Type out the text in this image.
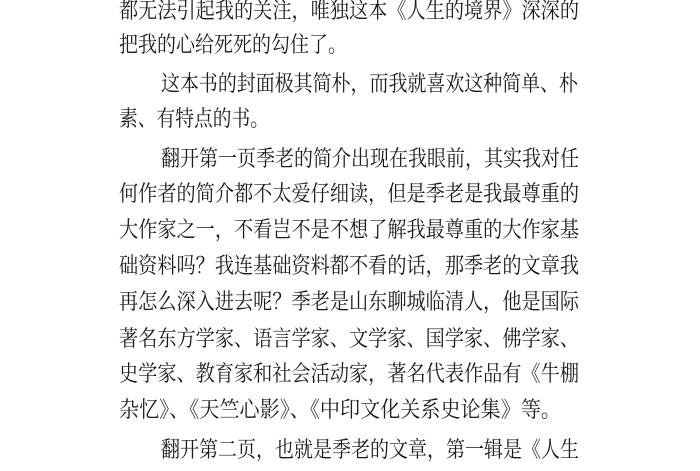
都无法引起我的关注，唯独这本《人生的境界》深深的
把我的心给死死的勾住了。
这本书的封面极其简朴，而我就喜欢这种简单、朴
素、有特点的书。
翻开第一页季老的简介出现在我眼前，其实我对任
何作者的简介都不太爱仔细读，但是季老是我最尊重的
大作家之一，不看岂不是不想了解我最尊重的大作家基
础资料吗？我连基础资料都不看的话，那季老的文章我
再怎么深入进去呢？季老是山东聊城临清人，他是国际
著名东方学家、语言学家、文学家、国学家、佛学家、
史学家、教育家和社会活动家，著名代表作品有《牛棚
杂忆》、《天竺心影》、《中印文化关系史论集》等。
翻开第二页，也就是季老的文章，第一辑是《人生
